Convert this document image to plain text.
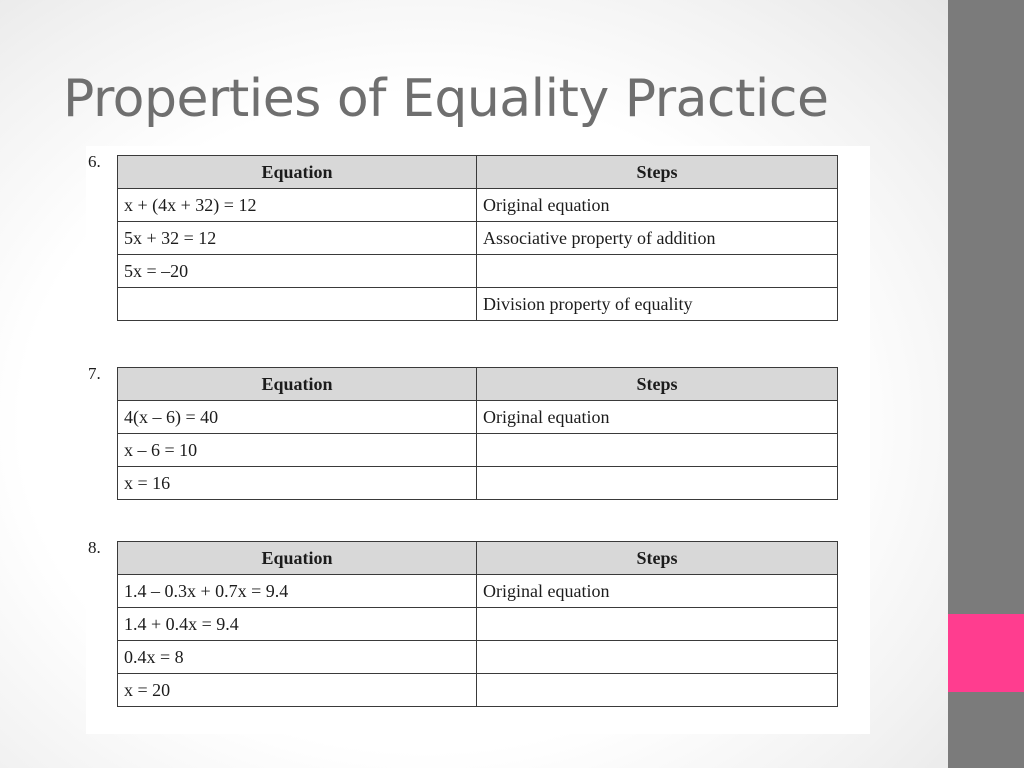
Properties of Equality Practice
6.	Equation	Steps
x + (4x + 32) = 12	Original equation
5x + 32 = 12	Associative property of addition
5x = –20	
	Division property of equality
7.	Equation	Steps
4(x – 6) = 40	Original equation
x – 6 = 10	
x = 16	
8.	Equation	Steps
1.4 – 0.3x + 0.7x = 9.4	Original equation
1.4 + 0.4x = 9.4	
0.4x = 8	
x = 20	
